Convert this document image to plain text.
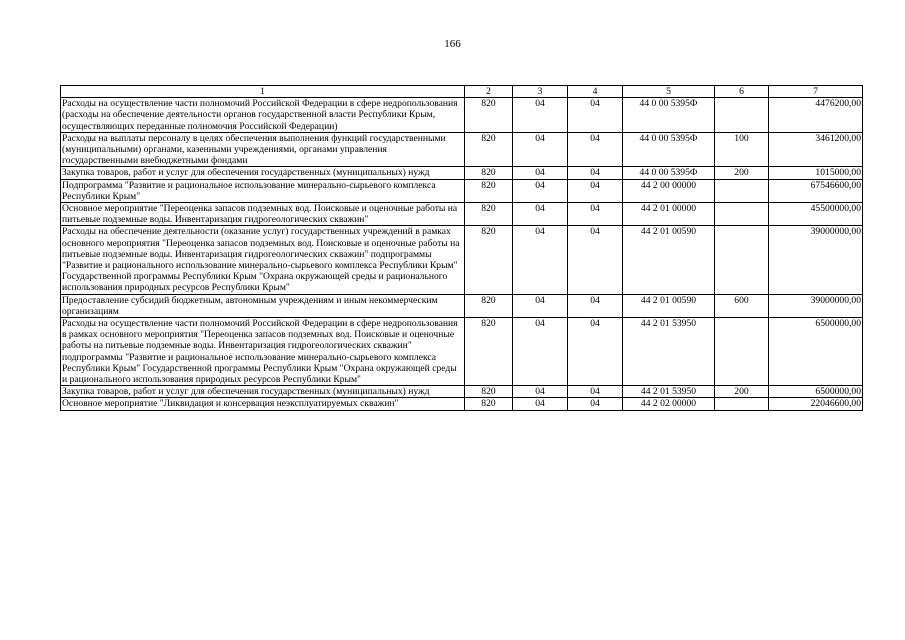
166
1	2	3	4	5	6	7
Расходы на осуществление части полномочий Российской Федерации в сфере недропользования (расходы на обеспечение деятельности органов государственной власти Республики Крым, осуществляющих переданные полномочия Российской Федерации)	820	04	04	44 0 00 5395Ф		4476200,00
Расходы на выплаты персоналу в целях обеспечения выполнения функций государственными (муниципальными) органами, казенными учреждениями, органами управления государственными внебюджетными фондами	820	04	04	44 0 00 5395Ф	100	3461200,00
Закупка товаров, работ и услуг для обеспечения государственных (муниципальных) нужд	820	04	04	44 0 00 5395Ф	200	1015000,00
Подпрограмма "Развитие и рациональное использование минерально-сырьевого комплекса Республики Крым"	820	04	04	44 2 00 00000		67546600,00
Основное мероприятие "Переоценка запасов подземных вод. Поисковые и оценочные работы на питьевые подземные воды. Инвентаризация гидрогеологических скважин"	820	04	04	44 2 01 00000		45500000,00
Расходы на обеспечение деятельности (оказание услуг) государственных учреждений в рамках основного мероприятия "Переоценка запасов подземных вод. Поисковые и оценочные работы на питьевые подземные воды. Инвентаризация гидрогеологических скважин" подпрограммы "Развитие и рационального использование минерально-сырьевого комплекса Республики Крым" Государственной программы Республики Крым "Охрана окружающей среды и рационального использования природных ресурсов Республики Крым"	820	04	04	44 2 01 00590		39000000,00
Предоставление субсидий бюджетным, автономным учреждениям и иным некоммерческим организациям	820	04	04	44 2 01 00590	600	39000000,00
Расходы на осуществление части полномочий Российской Федерации в сфере недропользования в рамках основного мероприятия "Переоценка запасов подземных вод. Поисковые и оценочные работы на питьевые подземные воды. Инвентаризация гидрогеологических скважин" подпрограммы "Развитие и рациональное использование минерально-сырьевого комплекса Республики Крым" Государственной программы Республики Крым "Охрана окружающей среды и рационального использования природных ресурсов Республики Крым"	820	04	04	44 2 01 53950		6500000,00
Закупка товаров, работ и услуг для обеспечения государственных (муниципальных) нужд	820	04	04	44 2 01 53950	200	6500000,00
Основное мероприятие "Ликвидация и консервация неэксплуатируемых скважин"	820	04	04	44 2 02 00000		22046600,00
